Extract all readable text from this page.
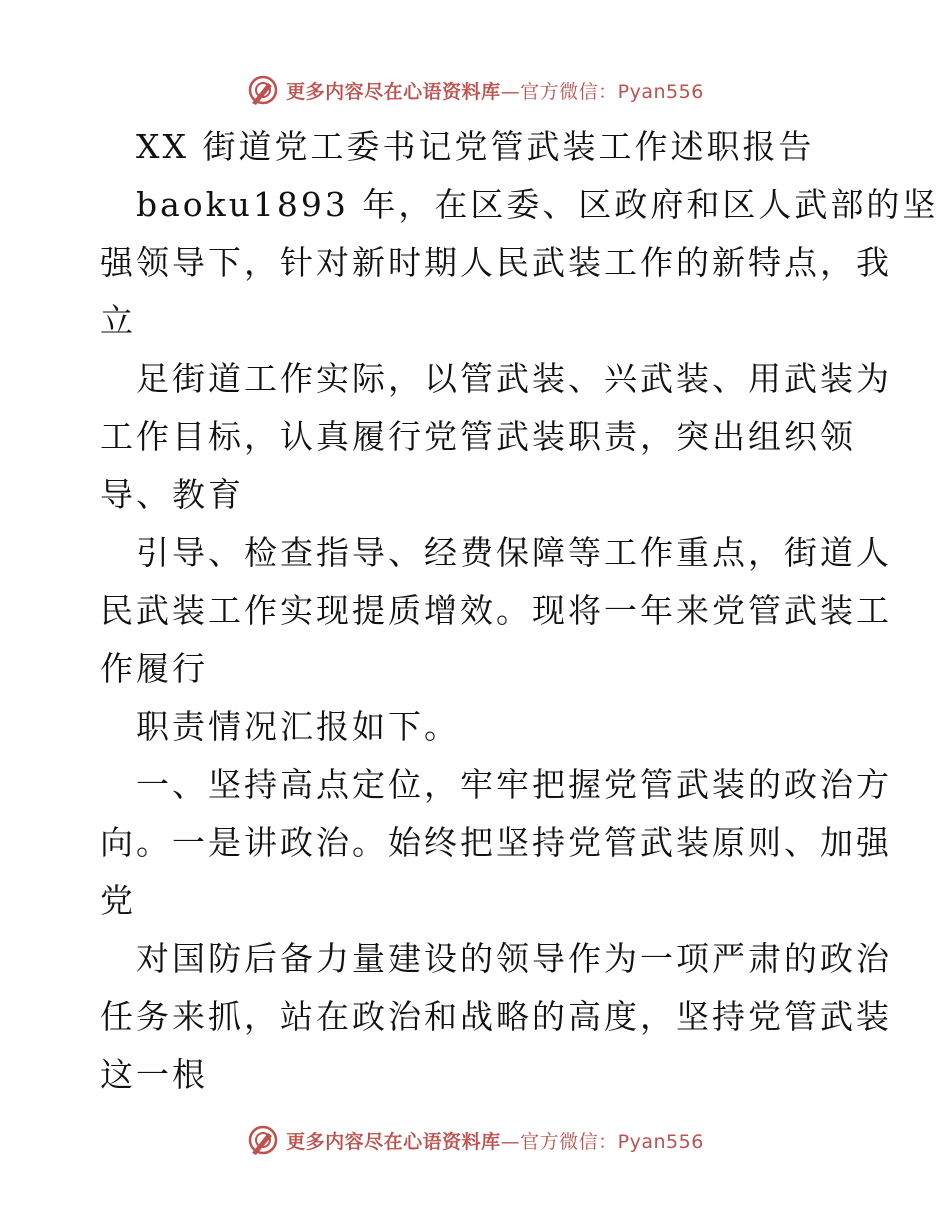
更多内容尽在心语资料库—官方微信：Pyan556
XX 街道党工委书记党管武装工作述职报告
baoku1893 年，在区委、区政府和区人武部的坚
强领导下，针对新时期人民武装工作的新特点，我
立
足街道工作实际，以管武装、兴武装、用武装为
工作目标，认真履行党管武装职责，突出组织领
导、教育
引导、检查指导、经费保障等工作重点，街道人
民武装工作实现提质增效。现将一年来党管武装工
作履行
职责情况汇报如下。
一、坚持高点定位，牢牢把握党管武装的政治方
向。一是讲政治。始终把坚持党管武装原则、加强
党
对国防后备力量建设的领导作为一项严肃的政治
任务来抓，站在政治和战略的高度，坚持党管武装
这一根
更多内容尽在心语资料库—官方微信：Pyan556
